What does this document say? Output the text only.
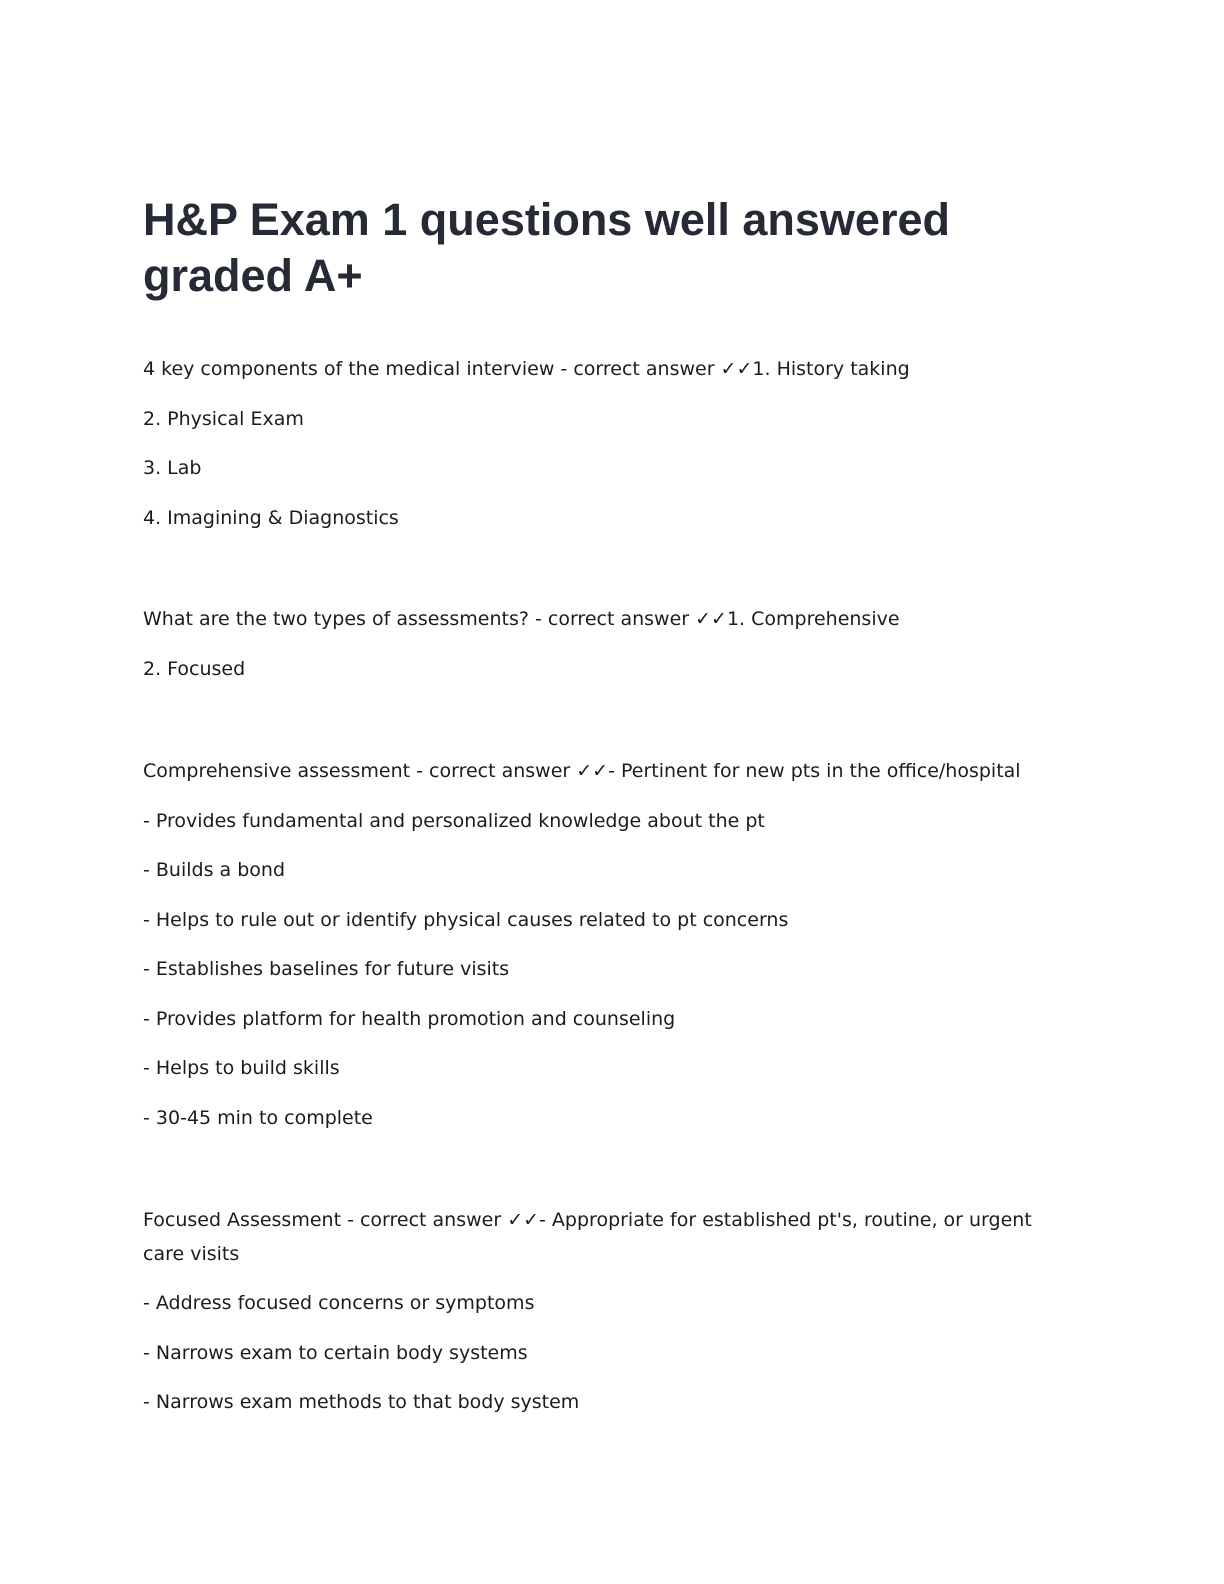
H&P Exam 1 questions well answered graded A+
4 key components of the medical interview - correct answer ✓✓1. History taking
2. Physical Exam
3. Lab
4. Imagining & Diagnostics
What are the two types of assessments? - correct answer ✓✓1. Comprehensive
2. Focused
Comprehensive assessment - correct answer ✓✓- Pertinent for new pts in the office/hospital
- Provides fundamental and personalized knowledge about the pt
- Builds a bond
- Helps to rule out or identify physical causes related to pt concerns
- Establishes baselines for future visits
- Provides platform for health promotion and counseling
- Helps to build skills
- 30-45 min to complete
Focused Assessment - correct answer ✓✓- Appropriate for established pt's, routine, or urgent care visits
- Address focused concerns or symptoms
- Narrows exam to certain body systems
- Narrows exam methods to that body system
